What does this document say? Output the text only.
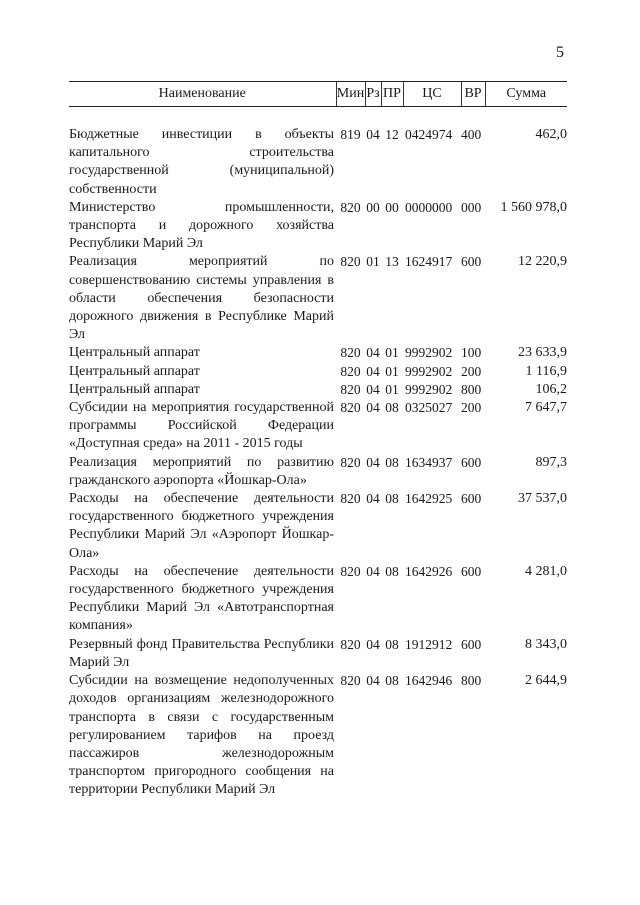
5
Наименование	Мин	Рз	ПР	ЦС	ВР	Сумма
Бюджетные инвестиции в объекты капитального строительства государственной (муниципальной) собственности	819	04	12	0424974	400	462,0
Министерство промышленности, транспорта и дорожного хозяйства Республики Марий Эл	820	00	00	0000000	000	1 560 978,0
Реализация мероприятий по совершенствованию системы управления в области обеспечения безопасности дорожного движения в Республике Марий Эл	820	01	13	1624917	600	12 220,9
Центральный аппарат	820	04	01	9992902	100	23 633,9
Центральный аппарат	820	04	01	9992902	200	1 116,9
Центральный аппарат	820	04	01	9992902	800	106,2
Субсидии на мероприятия государственной программы Российской Федерации «Доступная среда» на 2011 - 2015 годы	820	04	08	0325027	200	7 647,7
Реализация мероприятий по развитию гражданского аэропорта «Йошкар-Ола»	820	04	08	1634937	600	897,3
Расходы на обеспечение деятельности государственного бюджетного учреждения Республики Марий Эл «Аэропорт Йошкар-Ола»	820	04	08	1642925	600	37 537,0
Расходы на обеспечение деятельности государственного бюджетного учреждения Республики Марий Эл «Автотранспортная компания»	820	04	08	1642926	600	4 281,0
Резервный фонд Правительства Республики Марий Эл	820	04	08	1912912	600	8 343,0
Субсидии на возмещение недополученных доходов организациям железнодорожного транспорта в связи с государственным регулированием тарифов на проезд пассажиров железнодорожным транспортом пригородного сообщения на территории Республики Марий Эл	820	04	08	1642946	800	2 644,9
